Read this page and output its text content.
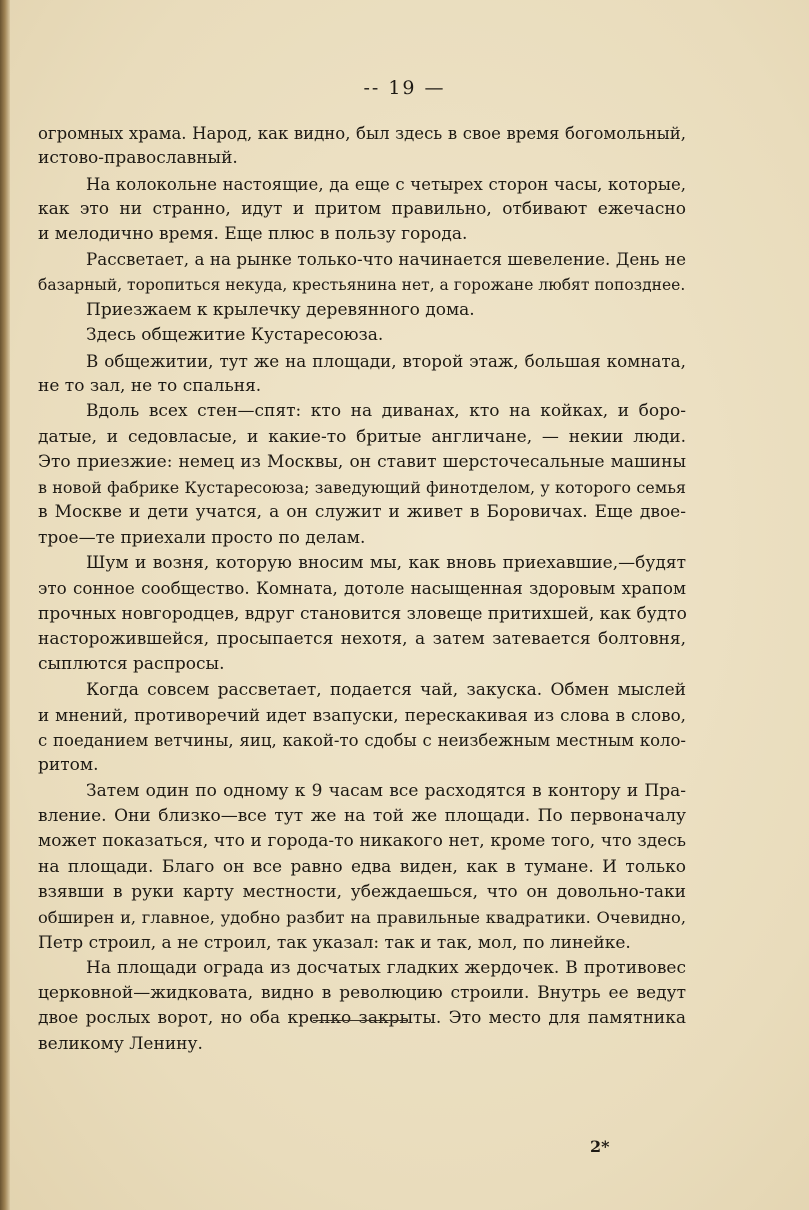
-- 19 —
огромных храма. Народ, как видно, был здесь в свое время богомольный,
истово-православный.
На колокольне настоящие, да еще с четырех сторон часы, которые,
как это ни странно, идут и притом правильно, отбивают ежечасно
и мелодично время. Еще плюс в пользу города.
Рассветает, а на рынке только-что начинается шевеление. День не
базарный, торопиться некуда, крестьянина нет, а горожане любят попозднее.
Приезжаем к крылечку деревянного дома.
Здесь общежитие Кустаресоюза.
В общежитии, тут же на площади, второй этаж, большая комната,
не то зал, не то спальня.
Вдоль всех стен—спят: кто на диванах, кто на койках, и боро-
датые, и седовласые, и какие-то бритые англичане, — некии люди.
Это приезжие: немец из Москвы, он ставит шерсточесальные машины
в новой фабрике Кустаресоюза; заведующий финотделом, у которого семья
в Москве и дети учатся, а он служит и живет в Боровичах. Еще двое-
трое—те приехали просто по делам.
Шум и возня, которую вносим мы, как вновь приехавшие,—будят
это сонное сообщество. Комната, дотоле насыщенная здоровым храпом
прочных новгородцев, вдруг становится зловеще притихшей, как будто
насторожившейся, просыпается нехотя, а затем затевается болтовня,
сыплются распросы.
Когда совсем рассветает, подается чай, закуска. Обмен мыслей
и мнений, противоречий идет взапуски, перескакивая из слова в слово,
с поеданием ветчины, яиц, какой-то сдобы с неизбежным местным коло-
ритом.
Затем один по одному к 9 часам все расходятся в контору и Пра-
вление. Они близко—все тут же на той же площади. По первоначалу
может показаться, что и города-то никакого нет, кроме того, что здесь
на площади. Благо он все равно едва виден, как в тумане. И только
взявши в руки карту местности, убеждаешься, что он довольно-таки
обширен и, главное, удобно разбит на правильные квадратики. Очевидно,
Петр строил, а не строил, так указал: так и так, мол, по линейке.
На площади ограда из досчатых гладких жердочек. В противовес
церковной—жидковата, видно в революцию строили. Внутрь ее ведут
двое рослых ворот, но оба крепко закрыты. Это место для памятника
великому Ленину.
2*
